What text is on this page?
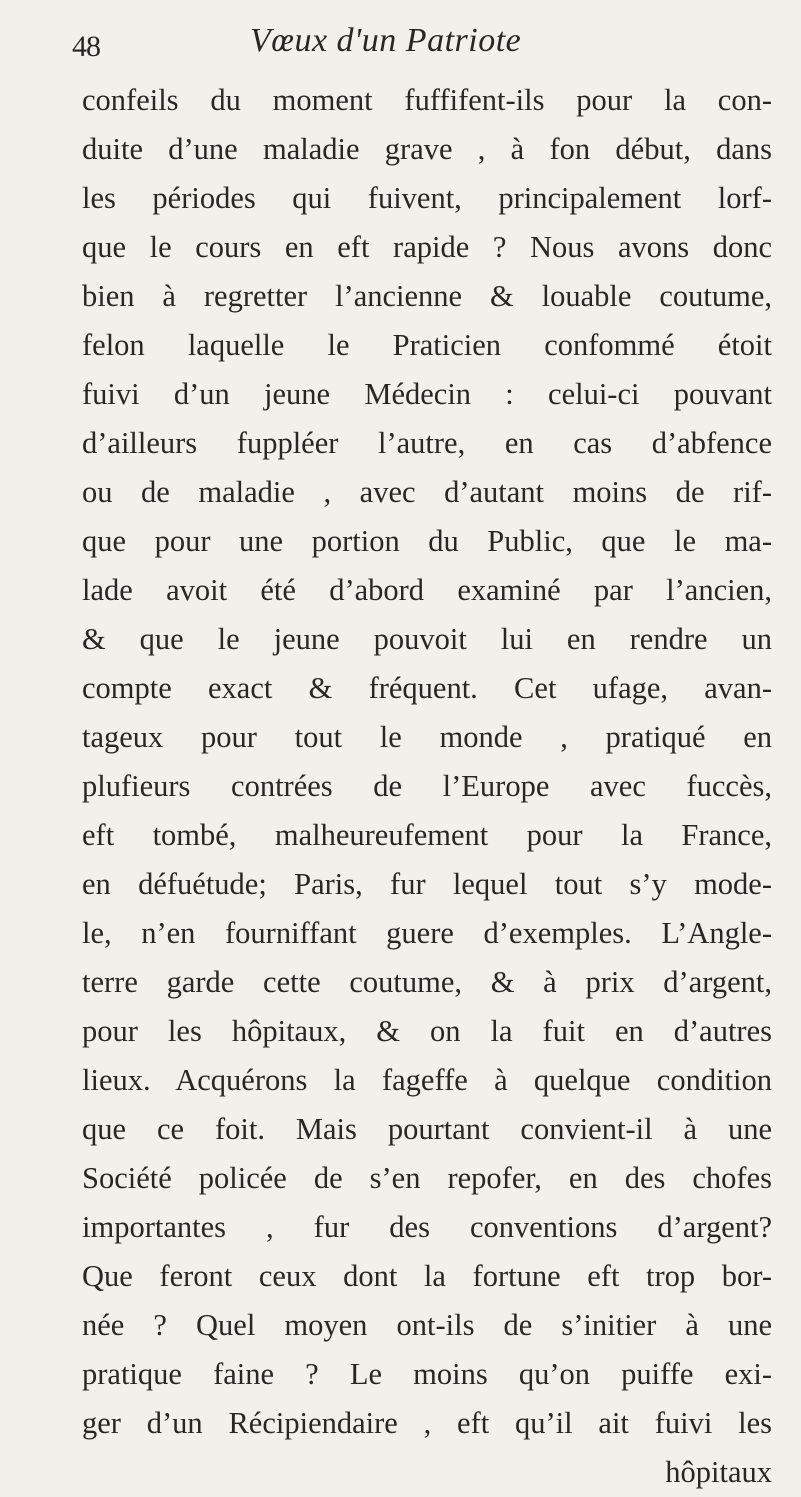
48	Vœux d'un Patriote
confeils du moment fuffifent-ils pour la con-
duite d’une maladie grave , à fon début, dans
les périodes qui fuivent, principalement lorf-
que le cours en eft rapide ? Nous avons donc
bien à regretter l’ancienne & louable coutume,
felon laquelle le Praticien confommé étoit
fuivi d’un jeune Médecin : celui-ci pouvant
d’ailleurs fuppléer l’autre, en cas d’abfence
ou de maladie , avec d’autant moins de rif-
que pour une portion du Public, que le ma-
lade avoit été d’abord examiné par l’ancien,
& que le jeune pouvoit lui en rendre un
compte exact & fréquent. Cet ufage, avan-
tageux pour tout le monde , pratiqué en
plufieurs contrées de l’Europe avec fuccès,
eft tombé, malheureufement pour la France,
en défuétude; Paris, fur lequel tout s’y mode-
le, n’en fourniffant guere d’exemples. L’Angle-
terre garde cette coutume, & à prix d’argent,
pour les hôpitaux, & on la fuit en d’autres
lieux. Acquérons la fageffe à quelque condition
que ce foit. Mais pourtant convient-il à une
Société policée de s’en repofer, en des chofes
importantes , fur des conventions d’argent?
Que feront ceux dont la fortune eft trop bor-
née ? Quel moyen ont-ils de s’initier à une
pratique faine ? Le moins qu’on puiffe exi-
ger d’un Récipiendaire , eft qu’il ait fuivi les
hôpitaux
